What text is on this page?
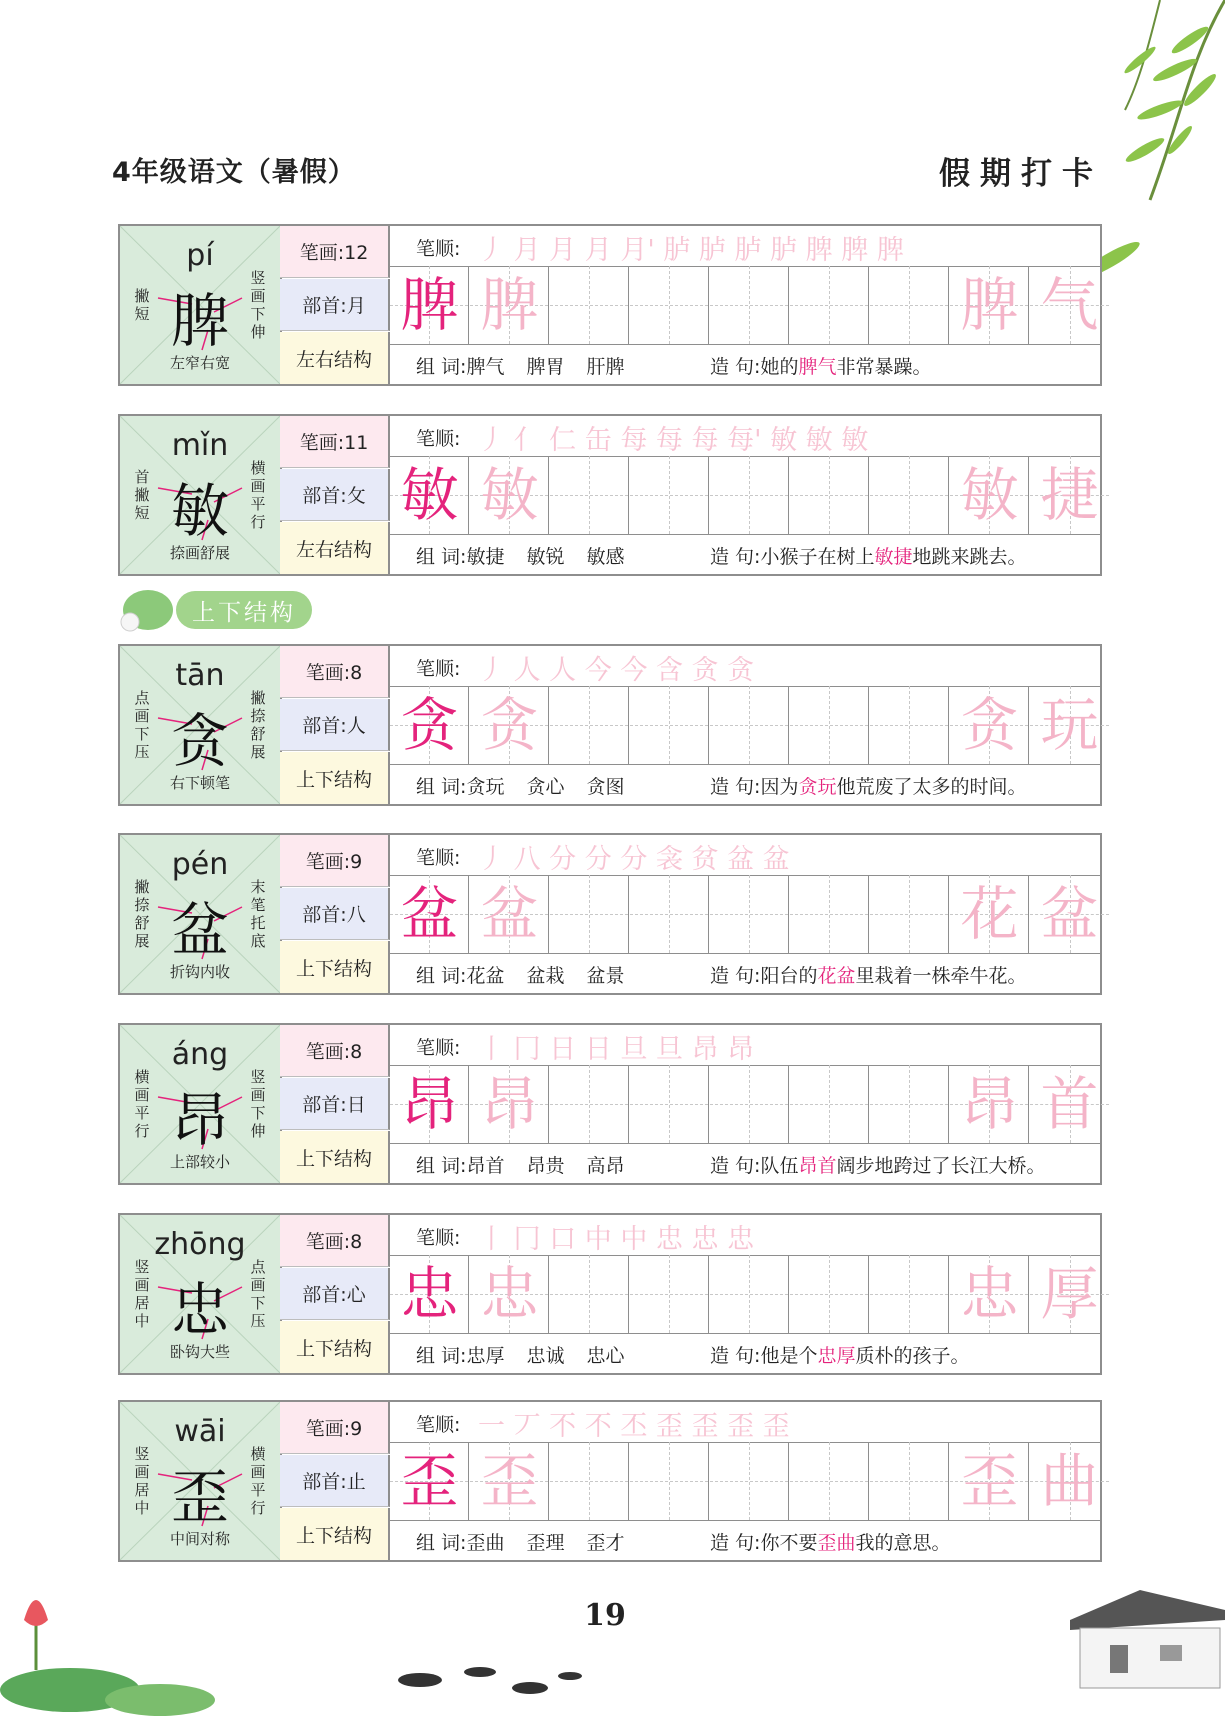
4年级语文（暑假）	假期打卡
上下结构
pí
脾
撇
短
竖
画
下
伸
左窄右宽
笔画:12
部首:月
左右结构
笔顺: 丿 月 月 月 月' 胪 胪 胪 胪 脾 脾 脾
脾 脾	脾 气
组 词:脾气 脾胃 肝脾	造 句:她的脾气非常暴躁。
mǐn
敏
首
撇
短
横
画
平
行
捺画舒展
笔画:11
部首:攵
左右结构
笔顺: 丿 ⺅ 仁 缶 每 每 每 每' 敏 敏 敏
敏 敏	敏 捷
组 词:敏捷 敏锐 敏感	造 句:小猴子在树上敏捷地跳来跳去。
tān
贪
点
画
下
压
撇
捺
舒
展
右下顿笔
笔画:8
部首:人
上下结构
笔顺: 丿 人 人 今 今 含 贪 贪
贪 贪	贪 玩
组 词:贪玩 贪心 贪图	造 句:因为贪玩他荒废了太多的时间。
pén
盆
撇
捺
舒
展
末
笔
托
底
折钩内收
笔画:9
部首:八
上下结构
笔顺: 丿 八 分 分 分 衾 贫 盆 盆
盆 盆	花 盆
组 词:花盆 盆栽 盆景	造 句:阳台的花盆里栽着一株牵牛花。
áng
昂
横
画
平
行
竖
画
下
伸
上部较小
笔画:8
部首:日
上下结构
笔顺: 丨 冂 日 日 旦 旦 昂 昂
昂 昂	昂 首
组 词:昂首 昂贵 高昂	造 句:队伍昂首阔步地跨过了长江大桥。
zhōng
忠
竖
画
居
中
点
画
下
压
卧钩大些
笔画:8
部首:心
上下结构
笔顺: 丨 冂 口 中 中 忠 忠 忠
忠 忠	忠 厚
组 词:忠厚 忠诚 忠心	造 句:他是个忠厚质朴的孩子。
wāi
歪
竖
画
居
中
横
画
平
行
中间对称
笔画:9
部首:止
上下结构
笔顺: 一 丆 不 不 丕 歪 歪 歪 歪
歪 歪	歪 曲
组 词:歪曲 歪理 歪才	造 句:你不要歪曲我的意思。
19
